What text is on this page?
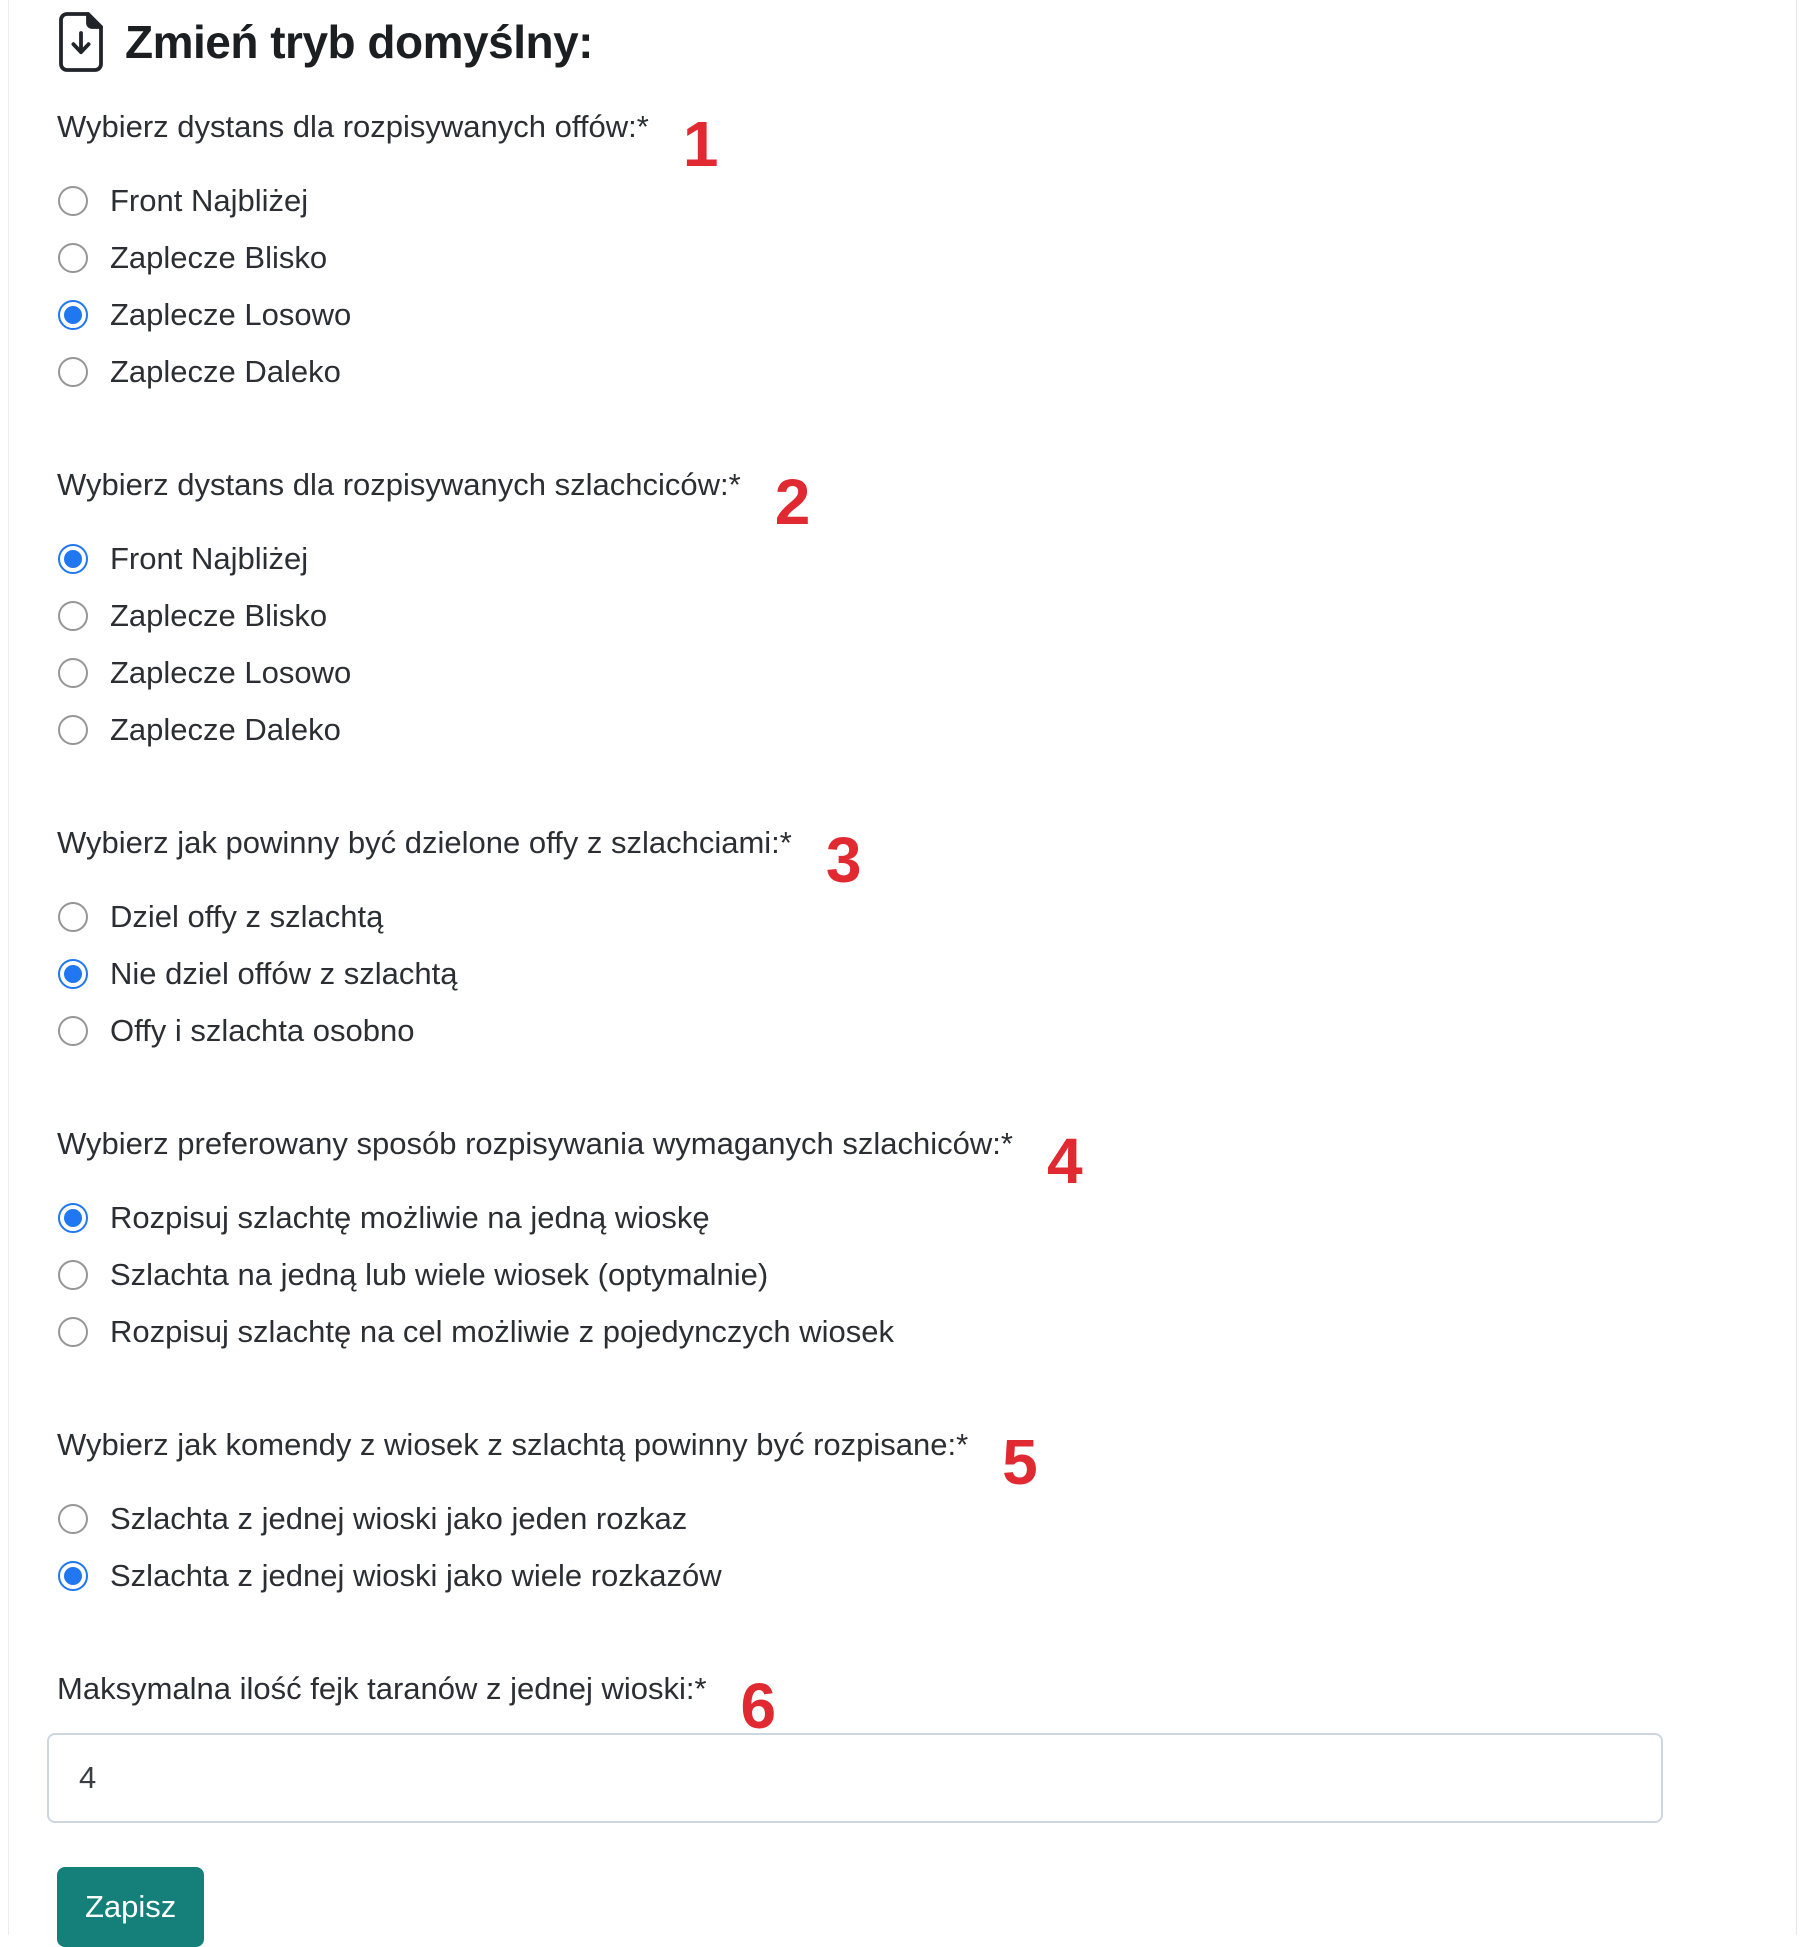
Zmień tryb domyślny:
Wybierz dystans dla rozpisywanych offów:* 1
Front Najbliżej
Zaplecze Blisko
Zaplecze Losowo
Zaplecze Daleko
Wybierz dystans dla rozpisywanych szlachciców:* 2
Front Najbliżej
Zaplecze Blisko
Zaplecze Losowo
Zaplecze Daleko
Wybierz jak powinny być dzielone offy z szlachciami:* 3
Dziel offy z szlachtą
Nie dziel offów z szlachtą
Offy i szlachta osobno
Wybierz preferowany sposób rozpisywania wymaganych szlachiców:* 4
Rozpisuj szlachtę możliwie na jedną wioskę
Szlachta na jedną lub wiele wiosek (optymalnie)
Rozpisuj szlachtę na cel możliwie z pojedynczych wiosek
Wybierz jak komendy z wiosek z szlachtą powinny być rozpisane:* 5
Szlachta z jednej wioski jako jeden rozkaz
Szlachta z jednej wioski jako wiele rozkazów
Maksymalna ilość fejk taranów z jednej wioski:* 6
4 Zapisz
